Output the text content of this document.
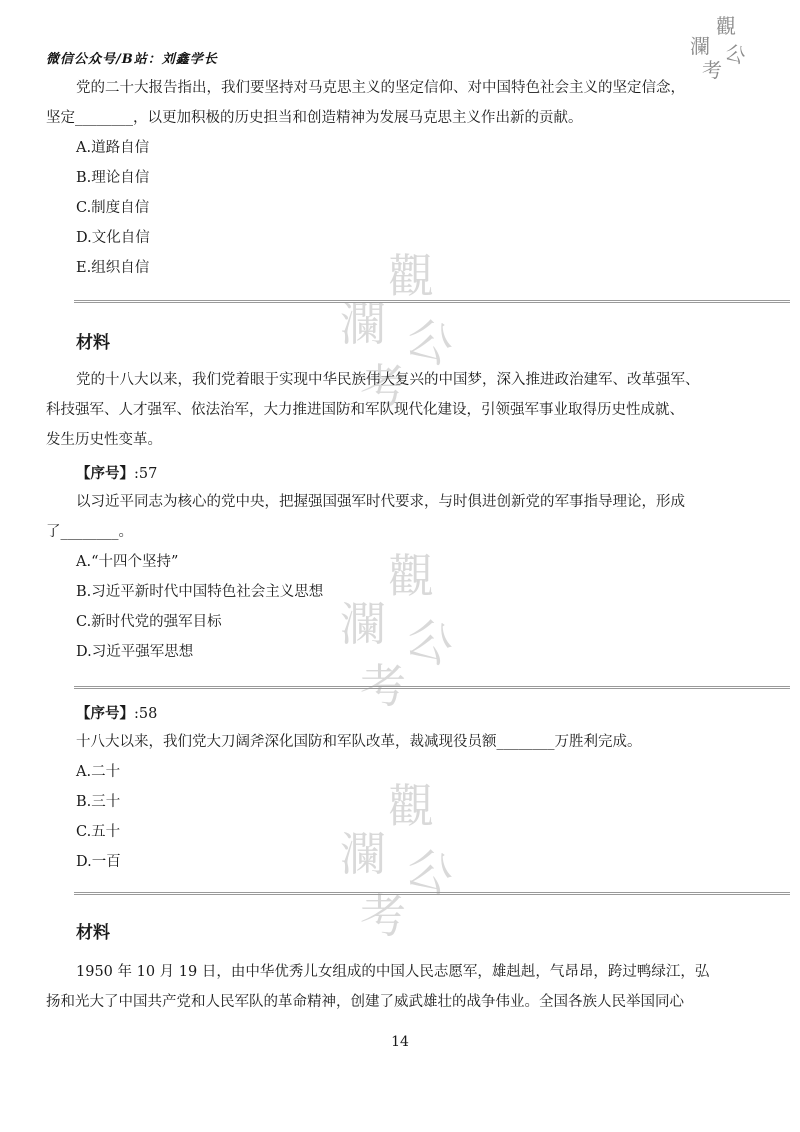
觀
瀾 公
考
觀
瀾 公
考
觀
瀾 公
考
微信公众号/B站：刘鑫学长
觀
瀾 公
考
党的二十大报告指出，我们要坚持对马克思主义的坚定信仰、对中国特色社会主义的坚定信念，
坚定________，以更加积极的历史担当和创造精神为发展马克思主义作出新的贡献。
A.道路自信
B.理论自信
C.制度自信
D.文化自信
E.组织自信
材料
党的十八大以来，我们党着眼于实现中华民族伟大复兴的中国梦，深入推进政治建军、改革强军、
科技强军、人才强军、依法治军，大力推进国防和军队现代化建设，引领强军事业取得历史性成就、
发生历史性变革。
【序号】:57
以习近平同志为核心的党中央，把握强国强军时代要求，与时俱进创新党的军事指导理论，形成
了________。
A.“十四个坚持”
B.习近平新时代中国特色社会主义思想
C.新时代党的强军目标
D.习近平强军思想
【序号】:58
十八大以来，我们党大刀阔斧深化国防和军队改革，裁减现役员额________万胜利完成。
A.二十
B.三十
C.五十
D.一百
材料
1950 年 10 月 19 日，由中华优秀儿女组成的中国人民志愿军，雄赳赳，气昂昂，跨过鸭绿江，弘
扬和光大了中国共产党和人民军队的革命精神，创建了威武雄壮的战争伟业。全国各族人民举国同心
14
